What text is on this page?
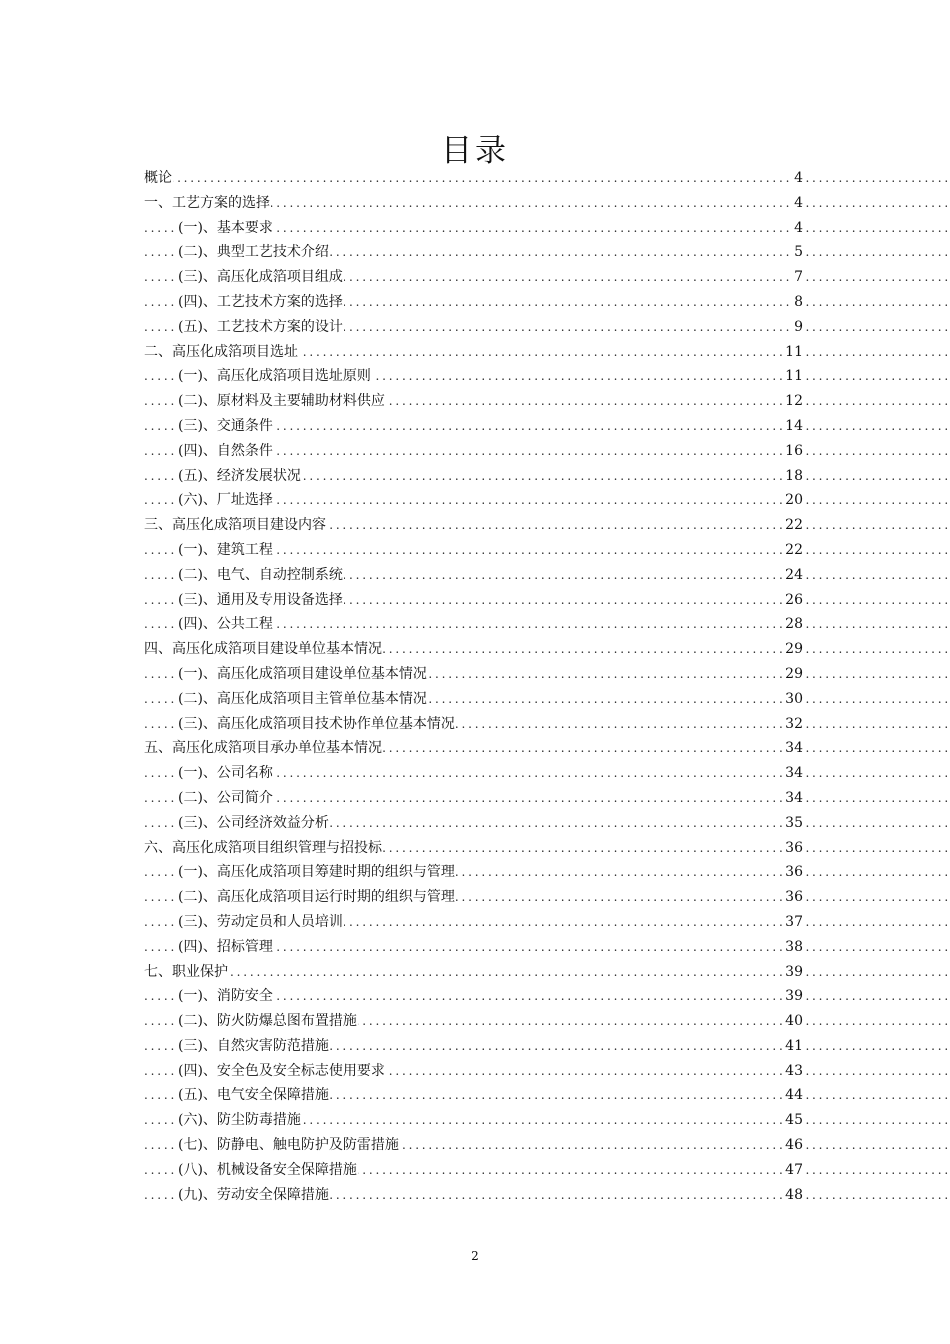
目录
.....
概论	4
.....
一、工艺方案的选择	4
.....
(一)、基本要求	4
.....
(二)、典型工艺技术介绍	5
.....
(三)、高压化成箔项目组成	7
.....
(四)、工艺技术方案的选择	8
.....
(五)、工艺技术方案的设计	9
.....
二、高压化成箔项目选址	11
.....
(一)、高压化成箔项目选址原则	11
.....
(二)、原材料及主要辅助材料供应	12
.....
(三)、交通条件	14
.....
(四)、自然条件	16
.....
(五)、经济发展状况	18
.....
(六)、厂址选择	20
.....
三、高压化成箔项目建设内容	22
.....
(一)、建筑工程	22
.....
(二)、电气、自动控制系统	24
.....
(三)、通用及专用设备选择	26
.....
(四)、公共工程	28
.....
四、高压化成箔项目建设单位基本情况	29
.....
(一)、高压化成箔项目建设单位基本情况	29
.....
(二)、高压化成箔项目主管单位基本情况	30
.....
(三)、高压化成箔项目技术协作单位基本情况	32
.....
五、高压化成箔项目承办单位基本情况	34
.....
(一)、公司名称	34
.....
(二)、公司简介	34
.....
(三)、公司经济效益分析	35
.....
六、高压化成箔项目组织管理与招投标	36
.....
(一)、高压化成箔项目筹建时期的组织与管理	36
.....
(二)、高压化成箔项目运行时期的组织与管理	36
.....
(三)、劳动定员和人员培训	37
.....
(四)、招标管理	38
.....
七、职业保护	39
.....
(一)、消防安全	39
.....
(二)、防火防爆总图布置措施	40
.....
(三)、自然灾害防范措施	41
.....
(四)、安全色及安全标志使用要求	43
.....
(五)、电气安全保障措施	44
.....
(六)、防尘防毒措施	45
.....
(七)、防静电、触电防护及防雷措施	46
.....
(八)、机械设备安全保障措施	47
.....
(九)、劳动安全保障措施	48
2
